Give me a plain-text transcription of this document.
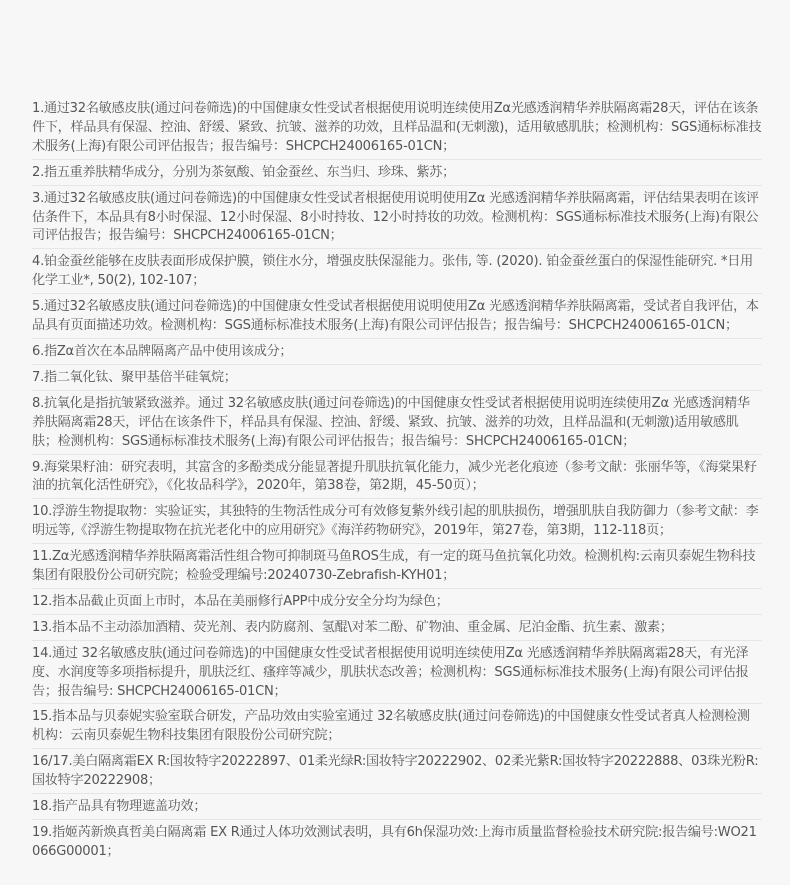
1.通过32名敏感皮肤(通过问卷筛选)的中国健康女性受试者根据使用说明连续使用Zα光感透润精华养肤隔离霜28天，评估在该条件下，样品具有保湿、控油、舒缓、紧致、抗皱、滋养的功效，且样品温和(无刺激)，适用敏感肌肤；检测机构：SGS通标标准技术服务(上海)有限公司评估报告；报告编号：SHCPCH24006165-01CN；

2.指五重养肤精华成分，分别为茶氨酸、铂金蚕丝、东当归、珍珠、紫苏；

3.通过32名敏感皮肤(通过问卷筛选)的中国健康女性受试者根据使用说明使用Zα 光感透润精华养肤隔离霜，评估结果表明在该评估条件下，本品具有8小时保湿、12小时保湿、8小时持妆、12小时持妆的功效。检测机构：SGS通标标准技术服务(上海)有限公司评估报告；报告编号：SHCPCH24006165-01CN；

4.铂金蚕丝能够在皮肤表面形成保护膜，锁住水分，增强皮肤保湿能力。张伟, 等. (2020). 铂金蚕丝蛋白的保湿性能研究. *日用化学工业*, 50(2), 102-107；

5.通过32名敏感皮肤(通过问卷筛选)的中国健康女性受试者根据使用说明使用Zα 光感透润精华养肤隔离霜，受试者自我评估，本品具有页面描述功效。检测机构：SGS通标标准技术服务(上海)有限公司评估报告；报告编号：SHCPCH24006165-01CN；

6.指Zα首次在本品牌隔离产品中使用该成分；

7.指二氧化钛、聚甲基倍半硅氧烷；

8.抗氧化是指抗皱紧致滋养。通过 32名敏感皮肤(通过问卷筛选)的中国健康女性受试者根据使用说明连续使用Zα 光感透润精华养肤隔离霜28天，评估在该条件下，样品具有保湿、控油、舒缓、紧致、抗皱、滋养的功效，且样品温和(无刺激)适用敏感肌肤；检测机构：SGS通标标准技术服务(上海)有限公司评估报告；报告编号：SHCPCH24006165-01CN；

9.海棠果籽油：研究表明，其富含的多酚类成分能显著提升肌肤抗氧化能力，减少光老化痕迹（参考文献：张丽华等，《海棠果籽油的抗氧化活性研究》，《化妆品科学》，2020年，第38卷，第2期，45-50页）；

10.浮游生物提取物：实验证实，其独特的生物活性成分可有效修复紫外线引起的肌肤损伤，增强肌肤自我防御力（参考文献：李明远等,《浮游生物提取物在抗光老化中的应用研究》《海洋药物研究》，2019年，第27卷，第3期，112-118页；

11.Zα光感透润精华养肤隔离霜活性组合物可抑制斑马鱼ROS生成，有一定的斑马鱼抗氧化功效。检测机构:云南贝泰妮生物科技集团有限股份公司研究院；检验受理编号:20240730-Zebrafish-KYH01；

12.指本品截止页面上市时，本品在美丽修行APP中成分安全分均为绿色；

13.指本品不主动添加酒精、荧光剂、表内防腐剂、氢醌\对苯二酚、矿物油、重金属、尼泊金酯、抗生素、激素；

14.通过 32名敏感皮肤(通过问卷筛选)的中国健康女性受试者根据使用说明连续使用Zα 光感透润精华养肤隔离霜28天，有光泽度、水润度等多项指标提升，肌肤泛红、瘙痒等减少，肌肤状态改善；检测机构：SGS通标标准技术服务(上海)有限公司评估报告；报告编号: SHCPCH24006165-01CN；

15.指本品与贝泰妮实验室联合研发，产品功效由实验室通过 32名敏感皮肤(通过问卷筛选)的中国健康女性受试者真人检测检测机构：云南贝泰妮生物科技集团有限股份公司研究院；

16/17.美白隔离霜EX R:国妆特字20222897、01柔光绿R:国妆特字20222902、02柔光紫R:国妆特字20222888、03珠光粉R:国妆特字20222908；

18.指产品具有物理遮盖功效；

19.指姬芮新焕真哲美白隔离霜 EX R通过人体功效测试表明，具有6h保湿功效:上海市质量监督检验技术研究院:报告编号:WO21066G00001；
